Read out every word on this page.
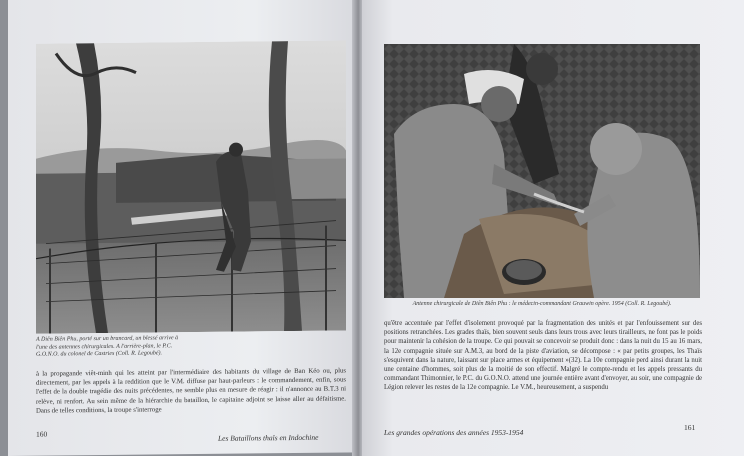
A Diên Biên Phu, porté sur un brancard, un blessé arrive à l'une des antennes chirurgicales. A l'arrière-plan, le P.C. G.O.N.O. du colonel de Castries (Coll. R. Legoubé).
à la propagande viêt-minh qui les atteint par l'intermédiaire des habitants du village de Ban Kéo ou, plus directement, par les appels à la reddition que le V.M. diffuse par haut-parleurs : le commandement, enfin, sous l'effet de la double tragédie des nuits précédentes, ne semble plus en mesure de réagir : il n'annonce au B.T.3 ni relève, ni renfort. Au sein même de la hiérarchie du bataillon, le capitaine adjoint se laisse aller au défaitisme. Dans de telles conditions, la troupe s'interroge
160	Les Bataillons thaïs en Indochine
Antenne chirurgicale de Diên Biên Phu : le médecin-commandant Grauwin opère. 1954 (Coll. R. Legoubé).
qu'être accentuée par l'effet d'isolement provoqué par la fragmentation des unités et par l'enfouissement sur des positions retranchées. Les grades thaïs, bien souvent seuls dans leurs trous avec leurs tirailleurs, ne font pas le poids pour maintenir la cohésion de la troupe. Ce qui pouvait se concevoir se produit donc : dans la nuit du 15 au 16 mars, la 12e compagnie située sur A.M.3, au bord de la piste d'aviation, se décompose : « par petits groupes, les Thaïs s'esquivent dans la nature, laissant sur place armes et équipement »(32). La 10e compagnie perd ainsi durant la nuit une centaine d'hommes, soit plus de la moitié de son effectif. Malgré le compte-rendu et les appels pressants du commandant Thimonnier, le P.C. du G.O.N.O. attend une journée entière avant d'envoyer, au soir, une compagnie de Légion relever les restes de la 12e compagnie. Le V.M., heureusement, a suspendu
Les grandes opérations des années 1953-1954
161
